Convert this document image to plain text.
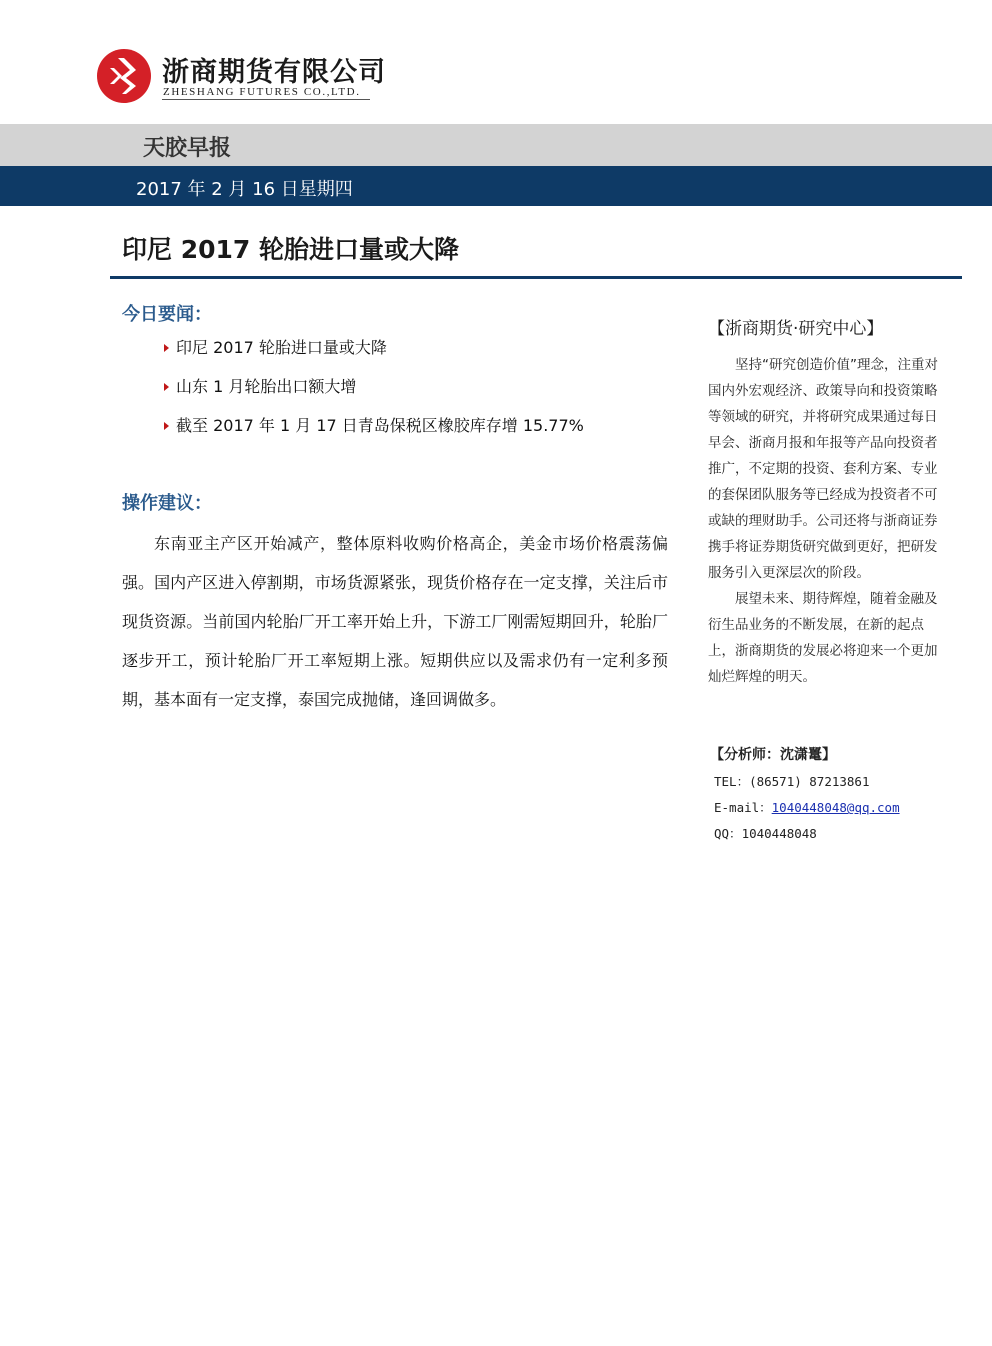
浙商期货有限公司
ZHESHANG FUTURES CO.,LTD.
天胶早报
2017 年 2 月 16 日星期四
印尼 2017 轮胎进口量或大降
今日要闻：
印尼 2017 轮胎进口量或大降
山东 1 月轮胎出口额大增
截至 2017 年 1 月 17 日青岛保税区橡胶库存增 15.77%
操作建议：
东南亚主产区开始减产，整体原料收购价格高企，美金市场价格震荡偏强。国内产区进入停割期，市场货源紧张，现货价格存在一定支撑，关注后市现货资源。当前国内轮胎厂开工率开始上升，下游工厂刚需短期回升，轮胎厂逐步开工，预计轮胎厂开工率短期上涨。短期供应以及需求仍有一定利多预期，基本面有一定支撑，泰国完成抛储，逢回调做多。
【浙商期货·研究中心】

坚持“研究创造价值”理念，注重对国内外宏观经济、政策导向和投资策略等领域的研究，并将研究成果通过每日早会、浙商月报和年报等产品向投资者推广，不定期的投资、套利方案、专业的套保团队服务等已经成为投资者不可或缺的理财助手。公司还将与浙商证券携手将证券期货研究做到更好，把研发服务引入更深层次的阶段。

展望未来、期待辉煌，随着金融及衍生品业务的不断发展，在新的起点上，浙商期货的发展必将迎来一个更加灿烂辉煌的明天。

【分析师：沈潇鼍】
TEL：(86571) 87213861
E-mail：1040448048@qq.com
QQ：1040448048
